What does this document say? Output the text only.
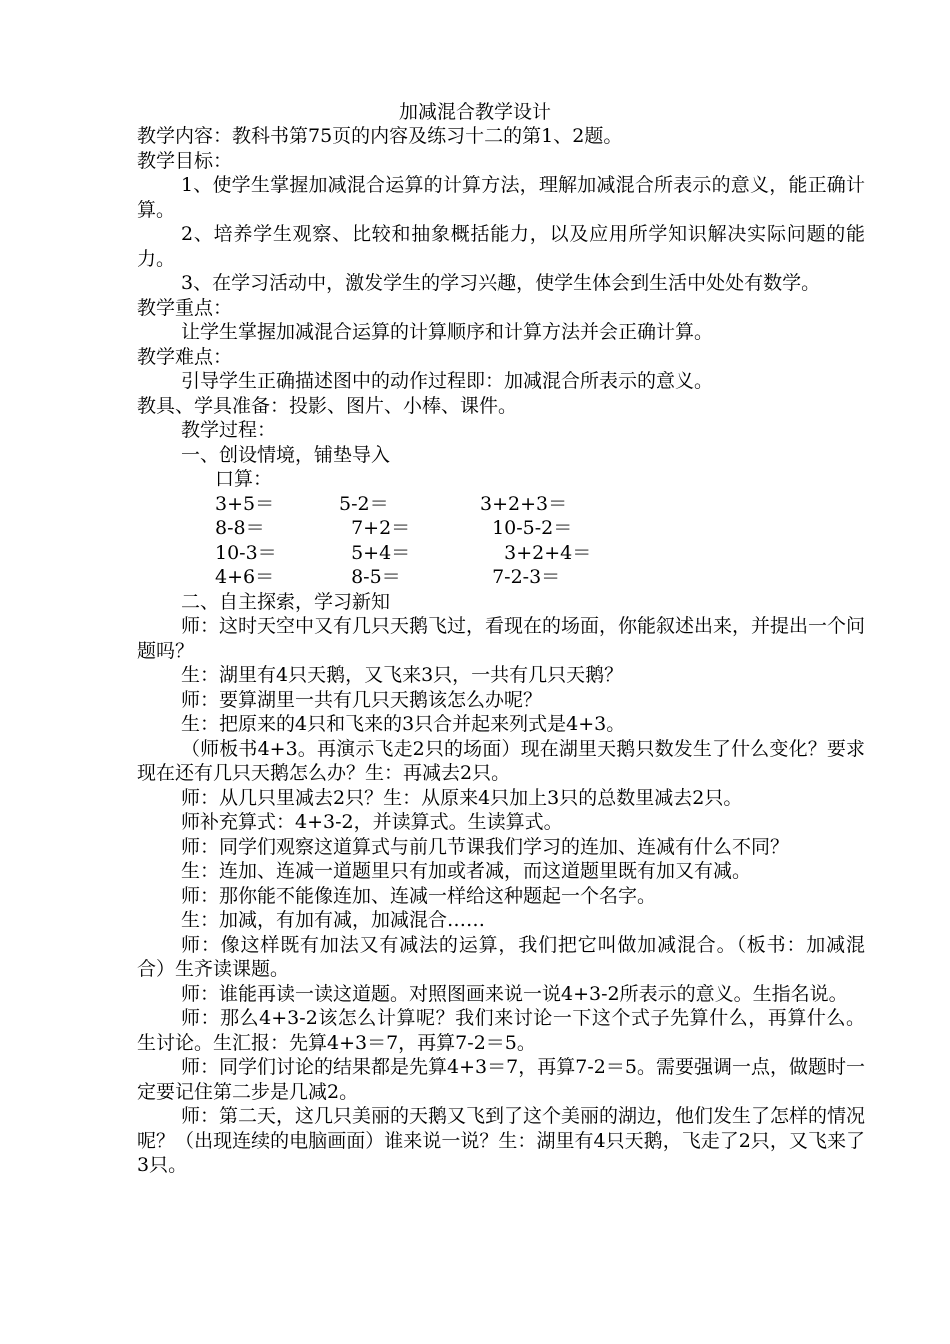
加减混合教学设计

教学内容：教科书第75页的内容及练习十二的第1、2题。

教学目标：

1、使学生掌握加减混合运算的计算方法，理解加减混合所表示的意义，能正确计算。

2、培养学生观察、比较和抽象概括能力，以及应用所学知识解决实际问题的能力。

3、在学习活动中，激发学生的学习兴趣，使学生体会到生活中处处有数学。

教学重点：

让学生掌握加减混合运算的计算顺序和计算方法并会正确计算。

教学难点：

引导学生正确描述图中的动作过程即：加减混合所表示的意义。

教具、学具准备：投影、图片、小棒、课件。

教学过程：

一、创设情境，铺垫导入

口算：

3+5＝	5-2＝	3+2+3＝
8-8＝	7+2＝	10-5-2＝
10-3＝	5+4＝	3+2+4＝
4+6＝	8-5＝	7-2-3＝

二、自主探索，学习新知

师：这时天空中又有几只天鹅飞过，看现在的场面，你能叙述出来，并提出一个问题吗？

生：湖里有4只天鹅，又飞来3只，一共有几只天鹅？

师：要算湖里一共有几只天鹅该怎么办呢？

生：把原来的4只和飞来的3只合并起来列式是4+3。

（师板书4+3。再演示飞走2只的场面）现在湖里天鹅只数发生了什么变化？要求现在还有几只天鹅怎么办？生：再减去2只。

师：从几只里减去2只？生：从原来4只加上3只的总数里减去2只。

师补充算式：4+3-2，并读算式。生读算式。

师：同学们观察这道算式与前几节课我们学习的连加、连减有什么不同？

生：连加、连减一道题里只有加或者减，而这道题里既有加又有减。

师：那你能不能像连加、连减一样给这种题起一个名字。

生：加减，有加有减，加减混合……

师：像这样既有加法又有减法的运算，我们把它叫做加减混合。（板书：加减混合）生齐读课题。

师：谁能再读一读这道题。对照图画来说一说4+3-2所表示的意义。生指名说。

师：那么4+3-2该怎么计算呢？我们来讨论一下这个式子先算什么，再算什么。生讨论。生汇报：先算4+3＝7，再算7-2＝5。

师：同学们讨论的结果都是先算4+3＝7，再算7-2＝5。需要强调一点，做题时一定要记住第二步是几减2。

师：第二天，这几只美丽的天鹅又飞到了这个美丽的湖边，他们发生了怎样的情况呢？（出现连续的电脑画面）谁来说一说？生：湖里有4只天鹅，飞走了2只，又飞来了3只。
